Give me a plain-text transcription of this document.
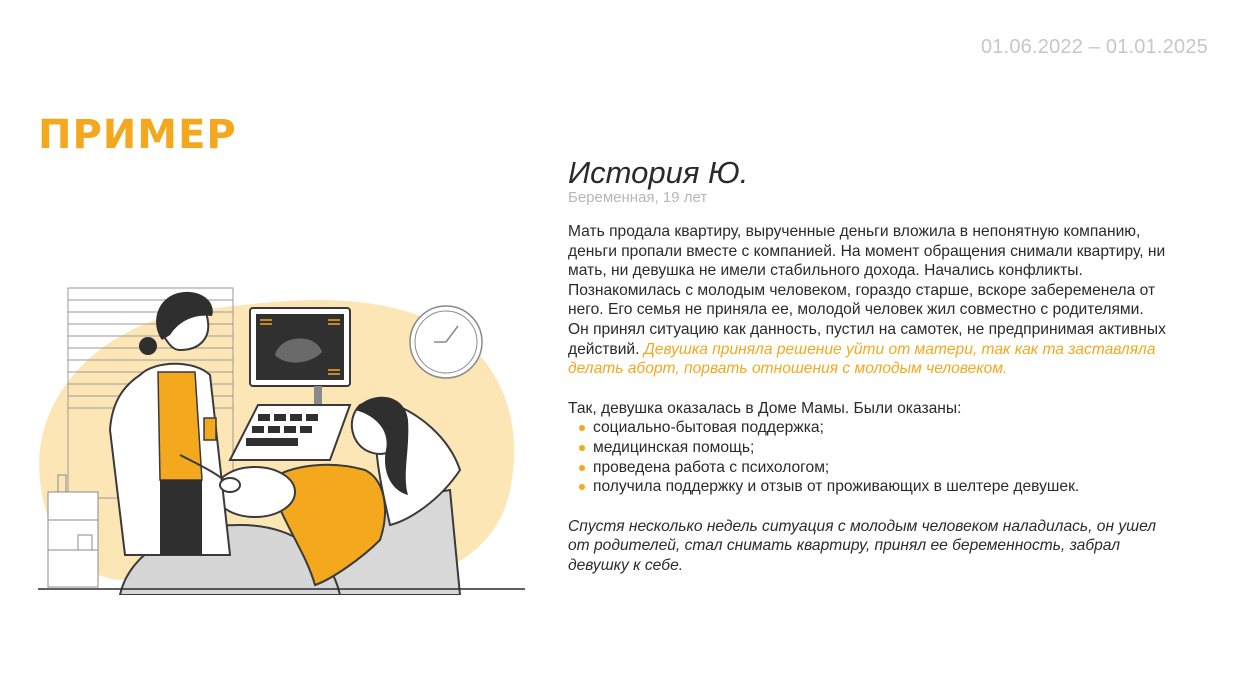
01.06.2022 – 01.01.2025
ПРИМЕР
История Ю.
Беременная, 19 лет

Мать продала квартиру, вырученные деньги вложила в непонятную компанию, деньги пропали вместе с компанией. На момент обращения снимали квартиру, ни мать, ни девушка не имели стабильного дохода. Начались конфликты. Познакомилась с молодым человеком, гораздо старше, вскоре забеременела от него. Его семья не приняла ее, молодой человек жил совместно с родителями. Он принял ситуацию как данность, пустил на самотек, не предпринимая активных действий. Девушка приняла решение уйти от матери, так как та заставляла делать аборт, порвать отношения с молодым человеком.

Так, девушка оказалась в Доме Мамы. Были оказаны:

социально-бытовая поддержка;
медицинская помощь;
проведена работа с психологом;
получила поддержку и отзыв от проживающих в шелтере девушек.

Спустя несколько недель ситуация с молодым человеком наладилась, он ушел от родителей, стал снимать квартиру, принял ее беременность, забрал девушку к себе.
